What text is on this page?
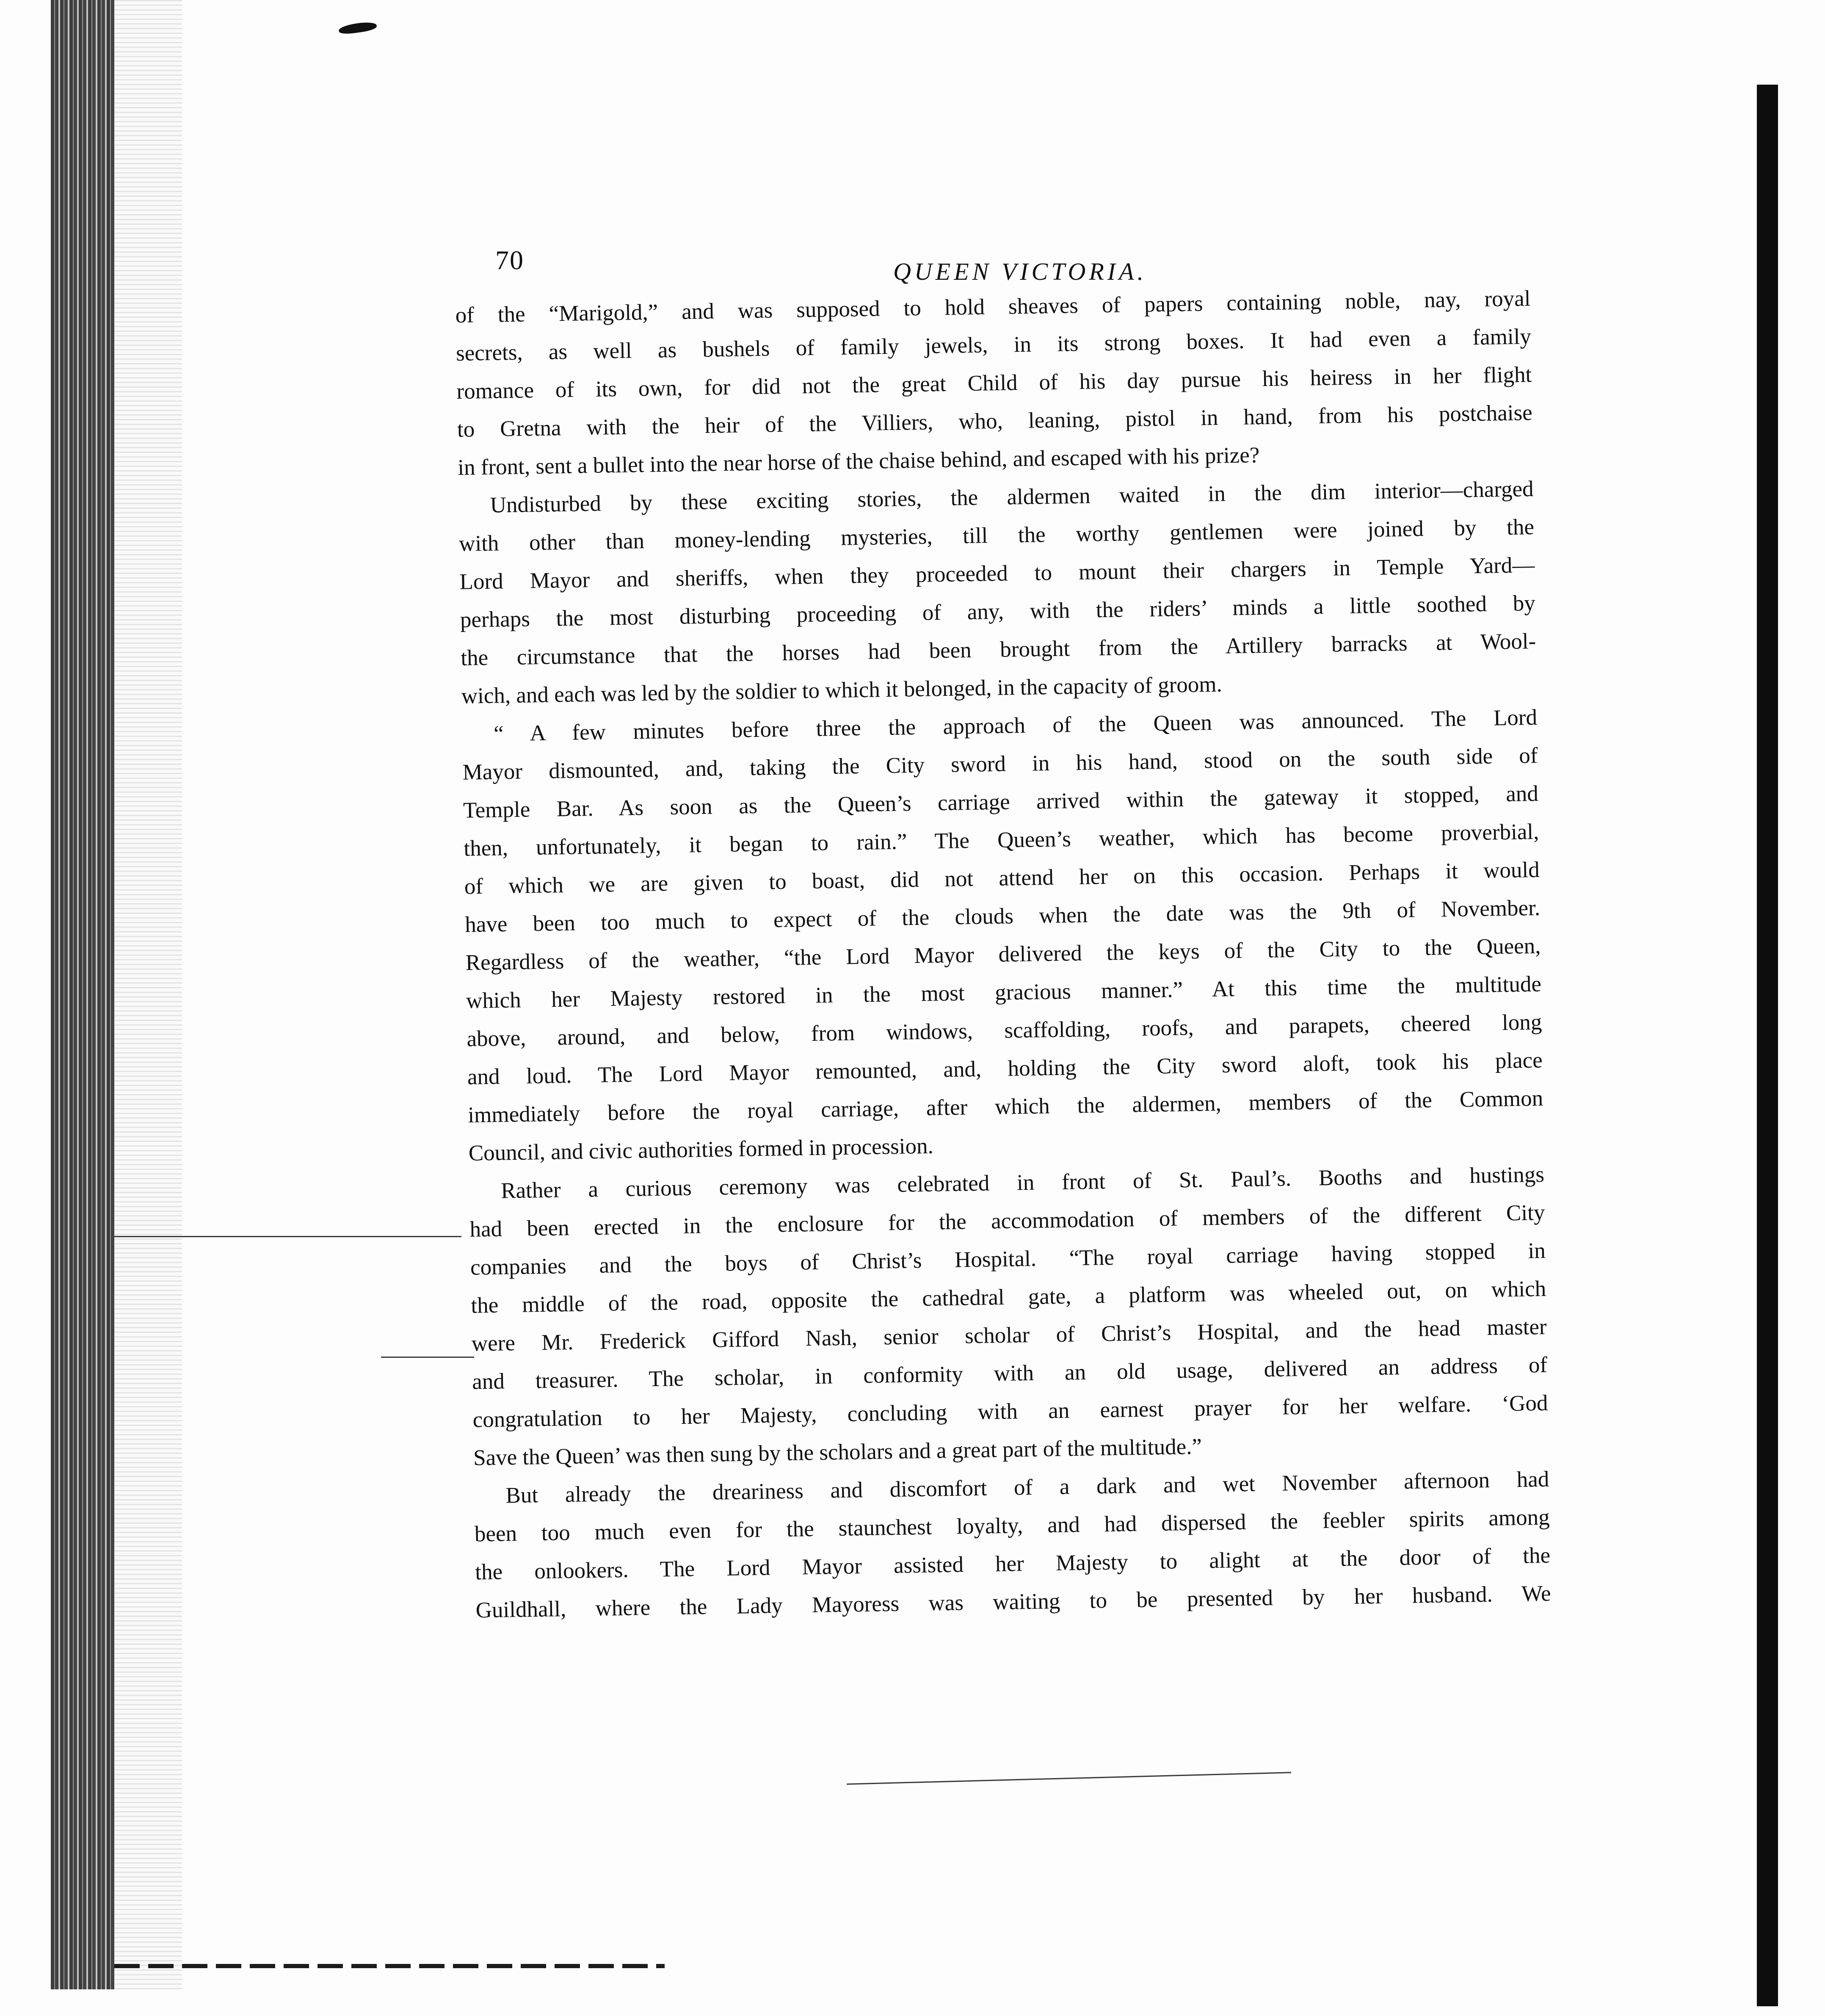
70	QUEEN VICTORIA.
of the “Marigold,” and was supposed to hold sheaves of papers containing noble, nay, royal
secrets, as well as bushels of family jewels, in its strong boxes. It had even a family
romance of its own, for did not the great Child of his day pursue his heiress in her flight
to Gretna with the heir of the Villiers, who, leaning, pistol in hand, from his postchaise
in front, sent a bullet into the near horse of the chaise behind, and escaped with his prize?
Undisturbed by these exciting stories, the aldermen waited in the dim interior—charged
with other than money-lending mysteries, till the worthy gentlemen were joined by the
Lord Mayor and sheriffs, when they proceeded to mount their chargers in Temple Yard—
perhaps the most disturbing proceeding of any, with the riders’ minds a little soothed by
the circumstance that the horses had been brought from the Artillery barracks at Wool-
wich, and each was led by the soldier to which it belonged, in the capacity of groom.
“ A few minutes before three the approach of the Queen was announced. The Lord
Mayor dismounted, and, taking the City sword in his hand, stood on the south side of
Temple Bar. As soon as the Queen’s carriage arrived within the gateway it stopped, and
then, unfortunately, it began to rain.” The Queen’s weather, which has become proverbial,
of which we are given to boast, did not attend her on this occasion. Perhaps it would
have been too much to expect of the clouds when the date was the 9th of November.
Regardless of the weather, “the Lord Mayor delivered the keys of the City to the Queen,
which her Majesty restored in the most gracious manner.” At this time the multitude
above, around, and below, from windows, scaffolding, roofs, and parapets, cheered long
and loud. The Lord Mayor remounted, and, holding the City sword aloft, took his place
immediately before the royal carriage, after which the aldermen, members of the Common
Council, and civic authorities formed in procession.
Rather a curious ceremony was celebrated in front of St. Paul’s. Booths and hustings
had been erected in the enclosure for the accommodation of members of the different City
companies and the boys of Christ’s Hospital. “The royal carriage having stopped in
the middle of the road, opposite the cathedral gate, a platform was wheeled out, on which
were Mr. Frederick Gifford Nash, senior scholar of Christ’s Hospital, and the head master
and treasurer. The scholar, in conformity with an old usage, delivered an address of
congratulation to her Majesty, concluding with an earnest prayer for her welfare. ‘God
Save the Queen’ was then sung by the scholars and a great part of the multitude.”
But already the dreariness and discomfort of a dark and wet November afternoon had
been too much even for the staunchest loyalty, and had dispersed the feebler spirits among
the onlookers. The Lord Mayor assisted her Majesty to alight at the door of the
Guildhall, where the Lady Mayoress was waiting to be presented by her husband. We
